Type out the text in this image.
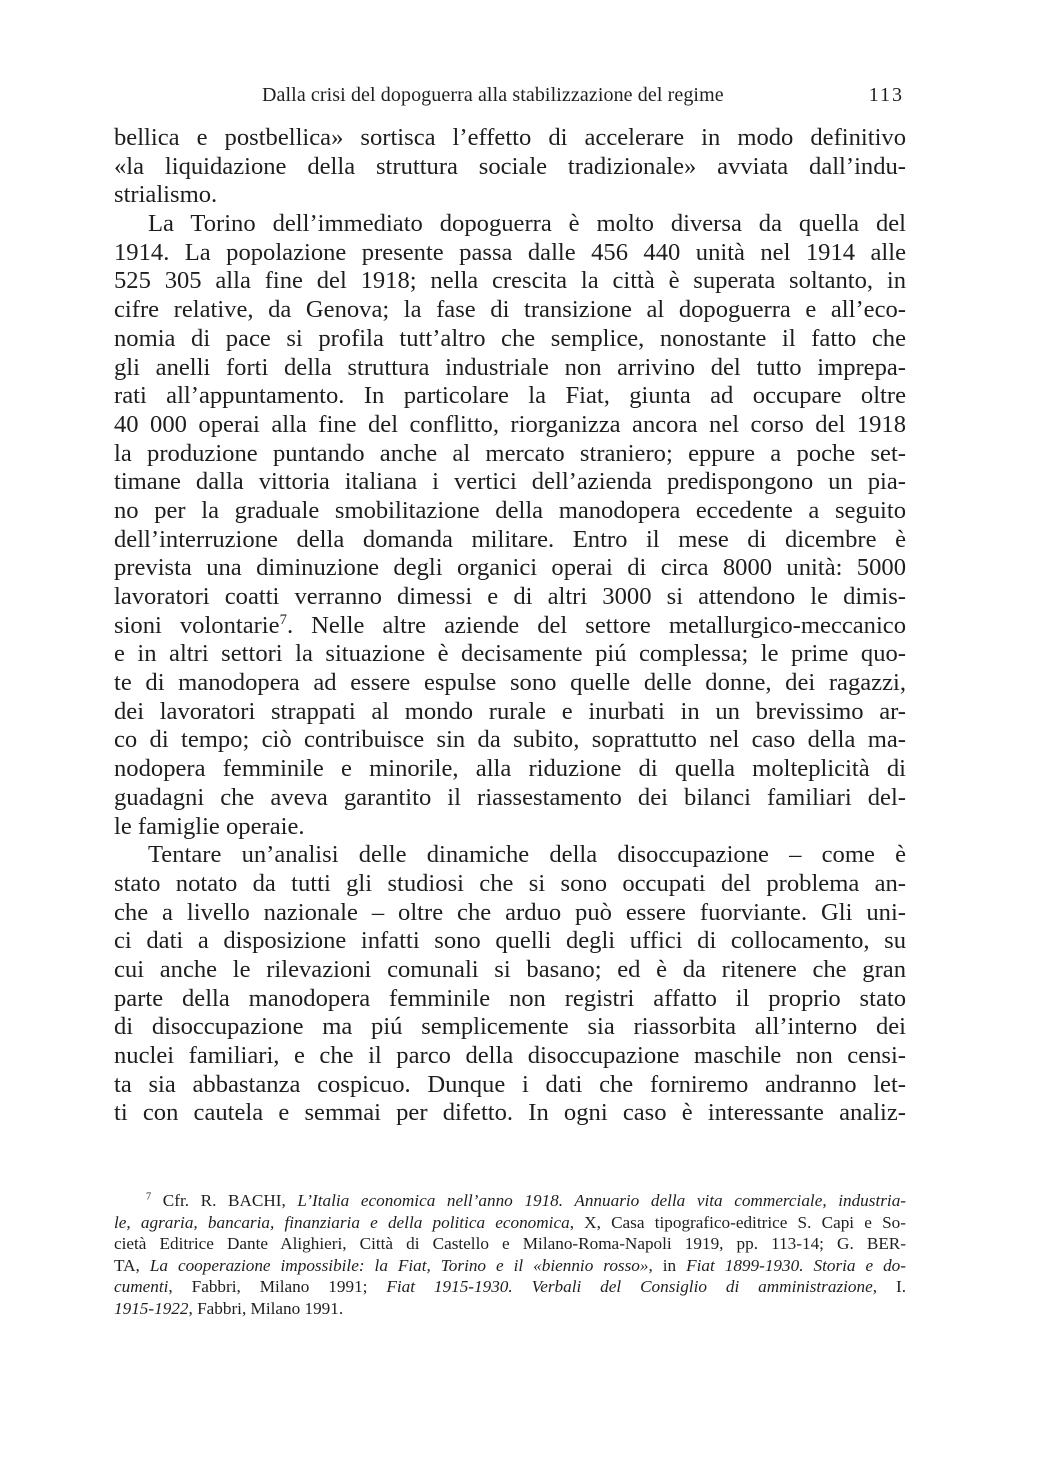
Dalla crisi del dopoguerra alla stabilizzazione del regime	113
bellica e postbellica» sortisca l’effetto di accelerare in modo definitivo
«la liquidazione della struttura sociale tradizionale» avviata dall’indu-
strialismo.
La Torino dell’immediato dopoguerra è molto diversa da quella del
1914. La popolazione presente passa dalle 456 440 unità nel 1914 alle
525 305 alla fine del 1918; nella crescita la città è superata soltanto, in
cifre relative, da Genova; la fase di transizione al dopoguerra e all’eco-
nomia di pace si profila tutt’altro che semplice, nonostante il fatto che
gli anelli forti della struttura industriale non arrivino del tutto imprepa-
rati all’appuntamento. In particolare la Fiat, giunta ad occupare oltre
40 000 operai alla fine del conflitto, riorganizza ancora nel corso del 1918
la produzione puntando anche al mercato straniero; eppure a poche set-
timane dalla vittoria italiana i vertici dell’azienda predispongono un pia-
no per la graduale smobilitazione della manodopera eccedente a seguito
dell’interruzione della domanda militare. Entro il mese di dicembre è
prevista una diminuzione degli organici operai di circa 8000 unità: 5000
lavoratori coatti verranno dimessi e di altri 3000 si attendono le dimis-
sioni volontarie$^7$. Nelle altre aziende del settore metallurgico-meccanico
e in altri settori la situazione è decisamente piú complessa; le prime quo-
te di manodopera ad essere espulse sono quelle delle donne, dei ragazzi,
dei lavoratori strappati al mondo rurale e inurbati in un brevissimo ar-
co di tempo; ciò contribuisce sin da subito, soprattutto nel caso della ma-
nodopera femminile e minorile, alla riduzione di quella molteplicità di
guadagni che aveva garantito il riassestamento dei bilanci familiari del-
le famiglie operaie.
Tentare un’analisi delle dinamiche della disoccupazione – come è
stato notato da tutti gli studiosi che si sono occupati del problema an-
che a livello nazionale – oltre che arduo può essere fuorviante. Gli uni-
ci dati a disposizione infatti sono quelli degli uffici di collocamento, su
cui anche le rilevazioni comunali si basano; ed è da ritenere che gran
parte della manodopera femminile non registri affatto il proprio stato
di disoccupazione ma piú semplicemente sia riassorbita all’interno dei
nuclei familiari, e che il parco della disoccupazione maschile non censi-
ta sia abbastanza cospicuo. Dunque i dati che forniremo andranno let-
ti con cautela e semmai per difetto. In ogni caso è interessante analiz-
$^7$ Cfr. R. BACHI, L’Italia economica nell’anno 1918. Annuario della vita commerciale, industria-
le, agraria, bancaria, finanziaria e della politica economica, X, Casa tipografico-editrice S. Capi e So-
cietà Editrice Dante Alighieri, Città di Castello e Milano-Roma-Napoli 1919, pp. 113-14; G. BER-
TA, La cooperazione impossibile: la Fiat, Torino e il «biennio rosso», in Fiat 1899-1930. Storia e do-
cumenti, Fabbri, Milano 1991; Fiat 1915-1930. Verbali del Consiglio di amministrazione, I.
1915-1922, Fabbri, Milano 1991.
